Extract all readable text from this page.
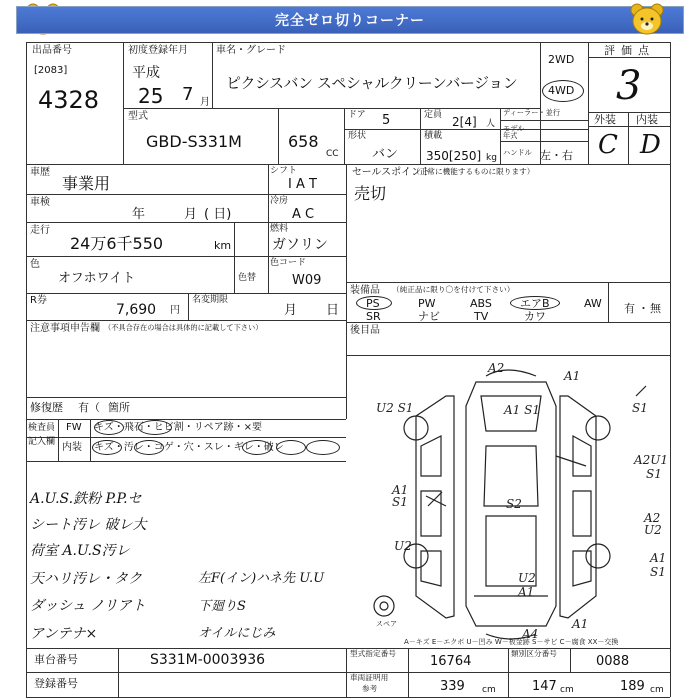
完全ゼロ切りコーナー
出品番号
[2083]
4328
初度登録年月
平成
25 7 月
車名・グレード
ピクシスバン スペシャルクリーンバージョン
2WD
4WD
評価点
3
型式
GBD-S331M	658
CC
ドア 5	定員 2[4] 人
ディーラー・並行
形状
バン
積載
350[250] kg
モデル年式
ハンドル 左・右
外装 内装
C D
車歴
事業用
シフト
I A T
セールスポイント
（正常に機能するものに限ります）
売切
車検
年	月 ( 日)
冷房
A C
走行
24万6千550	km
燃料
ガソリン
色
オフホワイト	色替
色コード
W09
R券
7,690 円
名変期限
月 日
注意事項申告欄 （不具合存在の場合は具体的に記載して下さい）
修復歴 有（ 箇所
装備品 （純正品に限り〇を付けて下さい）
PS	PW	ABS	エアB	AW
SR	ナビ	TV	カワ
有 ・ 無
後目品
検査員
記入欄
FW キズ・飛石・ヒビ割・リペア跡・×要
内装 キズ・汚レ・コゲ・穴・スレ・ギレ・破レ
A.U.S.鉄粉 P.P.セ
シート汚レ 破レ大
荷室 A.U.S汚レ
天ハリ汚レ・タク
ダッシュ ノリアト
アンテナ×
左F(イン)ハネ先 U.U
下廻りS
オイルにじみ
A2
A1
U2 S1	A1 S1	S1
A2U1
S1
A1
S1	S2
A2
U2
U2
A1
S1
U2
A1
A4
A1
スペア
A－キズ E－エクボ U－凹み W－板金跡 S－サビ C－腐食 XX－交換
車台番号	S331M-0003936
登録番号
型式指定番号	16764	類別区分番号	0088
車両証明用
参考	339 cm	147 cm	189 cm
